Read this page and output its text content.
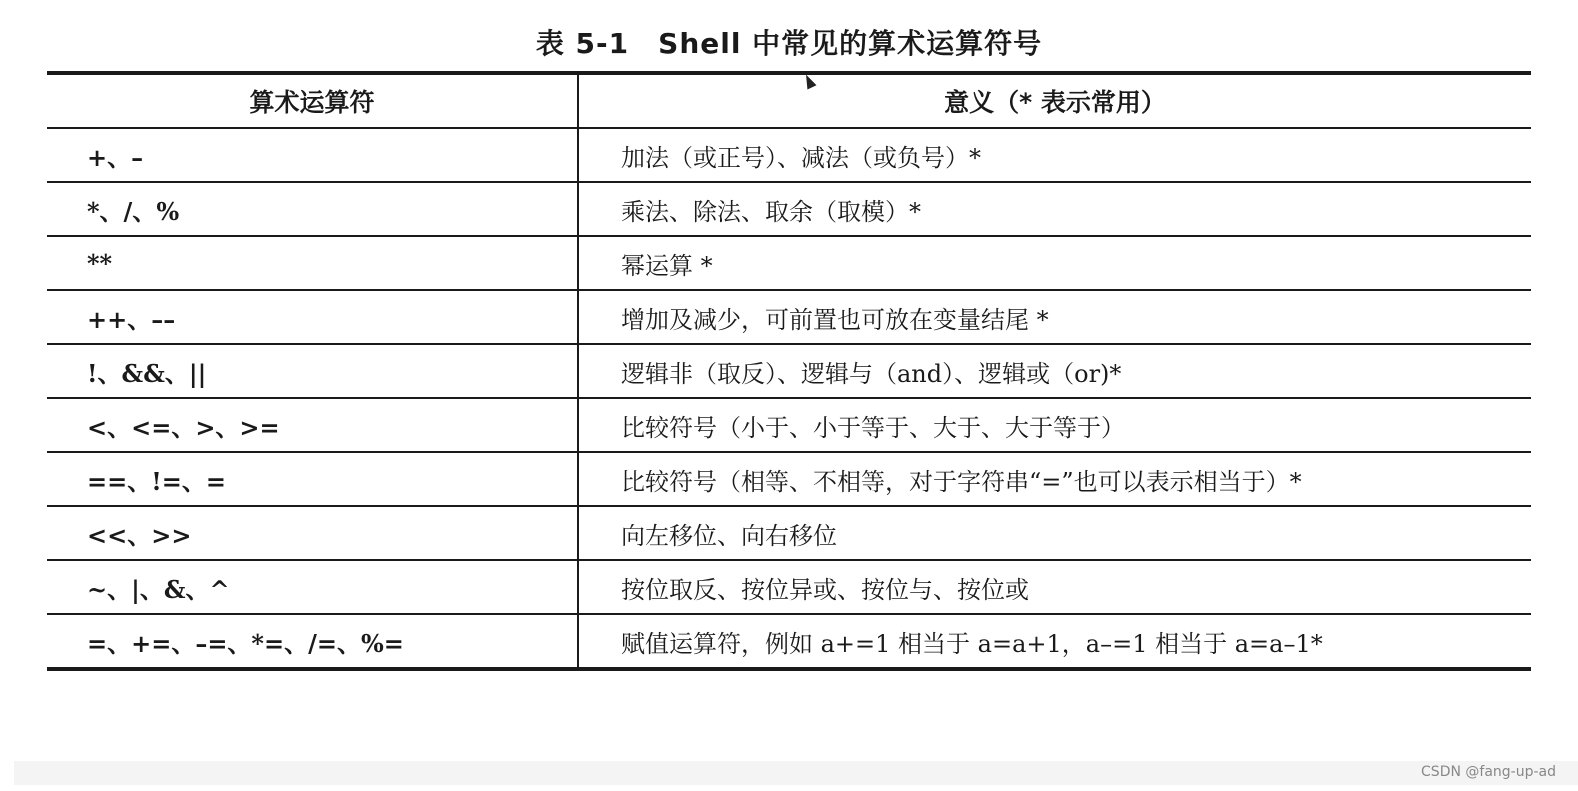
表 5-1　Shell 中常见的算术运算符号
算术运算符	意义（* 表示常用）
+、–	加法（或正号）、减法（或负号）*
*、/、%	乘法、除法、取余（取模）*
**	幂运算 *
++、––	增加及减少，可前置也可放在变量结尾 *
!、&&、||	逻辑非（取反）、逻辑与（and）、逻辑或（or)*
<、<=、>、>=	比较符号（小于、小于等于、大于、大于等于）
==、!=、=	比较符号（相等、不相等，对于字符串“=”也可以表示相当于）*
<<、>>	向左移位、向右移位
~、|、&、^	按位取反、按位异或、按位与、按位或
=、+=、–=、*=、/=、%=	赋值运算符，例如 a+=1 相当于 a=a+1，a–=1 相当于 a=a–1*
CSDN @fang-up-ad
